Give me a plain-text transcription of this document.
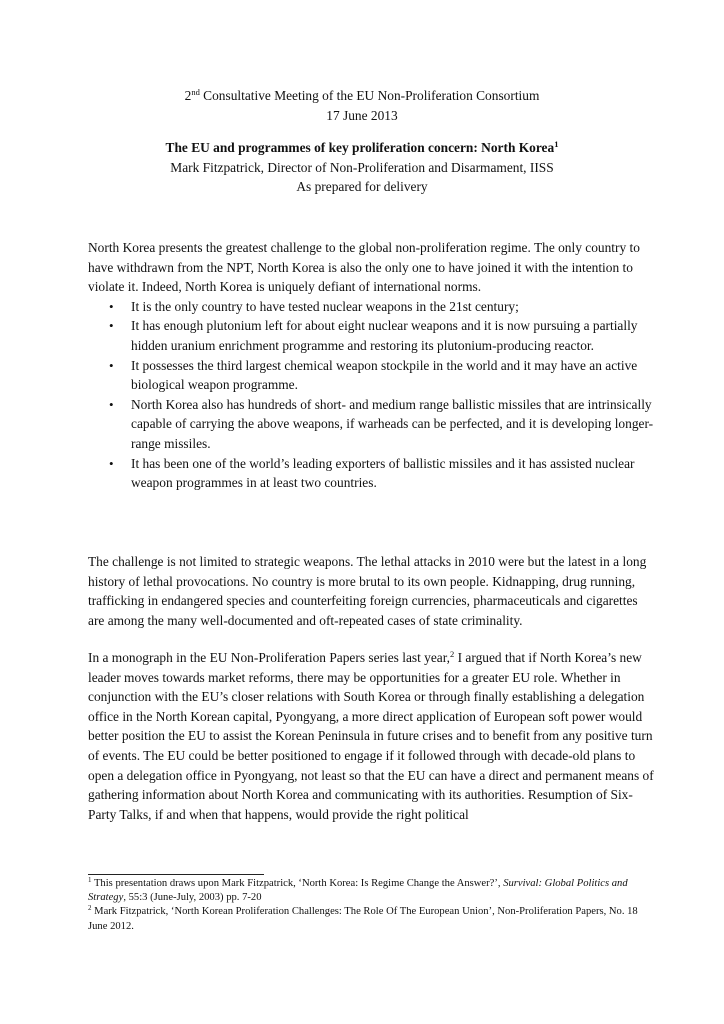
2nd Consultative Meeting of the EU Non-Proliferation Consortium
17 June 2013
The EU and programmes of key proliferation concern: North Korea$^1$
Mark Fitzpatrick, Director of Non-Proliferation and Disarmament, IISS
As prepared for delivery

North Korea presents the greatest challenge to the global non-proliferation regime. The only country to have withdrawn from the NPT, North Korea is also the only one to have joined it with the intention to violate it. Indeed, North Korea is uniquely defiant of international norms.

• It is the only country to have tested nuclear weapons in the 21st century;
• It has enough plutonium left for about eight nuclear weapons and it is now pursuing a partially hidden uranium enrichment programme and restoring its plutonium-producing reactor.
• It possesses the third largest chemical weapon stockpile in the world and it may have an active biological weapon programme.
• North Korea also has hundreds of short- and medium range ballistic missiles that are intrinsically capable of carrying the above weapons, if warheads can be perfected, and it is developing longer-range missiles.
• It has been one of the world’s leading exporters of ballistic missiles and it has assisted nuclear weapon programmes in at least two countries.

The challenge is not limited to strategic weapons. The lethal attacks in 2010 were but the latest in a long history of lethal provocations. No country is more brutal to its own people. Kidnapping, drug running, trafficking in endangered species and counterfeiting foreign currencies, pharmaceuticals and cigarettes are among the many well-documented and oft-repeated cases of state criminality.

In a monograph in the EU Non-Proliferation Papers series last year,$^2$ I argued that if North Korea’s new leader moves towards market reforms, there may be opportunities for a greater EU role. Whether in conjunction with the EU’s closer relations with South Korea or through finally establishing a delegation office in the North Korean capital, Pyongyang, a more direct application of European soft power would better position the EU to assist the Korean Peninsula in future crises and to benefit from any positive turn of events. The EU could be better positioned to engage if it followed through with decade-old plans to open a delegation office in Pyongyang, not least so that the EU can have a direct and permanent means of gathering information about North Korea and communicating with its authorities. Resumption of Six-Party Talks, if and when that happens, would provide the right political

$^1$ This presentation draws upon Mark Fitzpatrick, ‘North Korea: Is Regime Change the Answer?’, Survival: Global Politics and Strategy, 55:3 (June-July, 2003) pp. 7-20

$^2$ Mark Fitzpatrick, ‘North Korean Proliferation Challenges: The Role Of The European Union’, Non-Proliferation Papers, No. 18 June 2012.
